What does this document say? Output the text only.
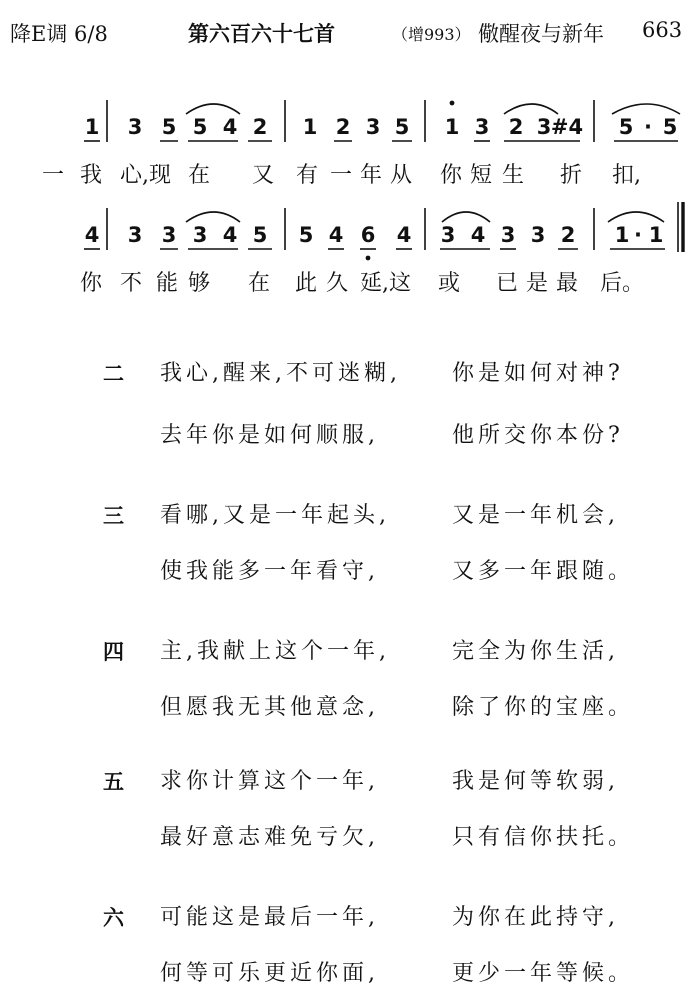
降E调 6/8	第六百六十七首	（增993） 儆醒夜与新年 663
1 3 5 5 4 2 1 2 3 5 1 3 2 3 #4 5 · 5
4 3 3 3 4 5 5 4 6 4 3 4 3 3 2 1 · 1
一 我 心,现 在 又 有 一 年 从 你 短 生 折 扣,
你 不 能 够 在 此 久 延,这 或 已 是 最 后。
二 我心,醒来,不可迷糊, 你是如何对神?
去年你是如何顺服,	他所交你本份?
三 看哪,又是一年起头,	又是一年机会,
使我能多一年看守,	又多一年跟随。
四 主,我献上这个一年,	完全为你生活,
但愿我无其他意念,	除了你的宝座。
五 求你计算这个一年,	我是何等软弱,
最好意志难免亏欠,	只有信你扶托。
六 可能这是最后一年,	为你在此持守,
何等可乐更近你面,	更少一年等候。
